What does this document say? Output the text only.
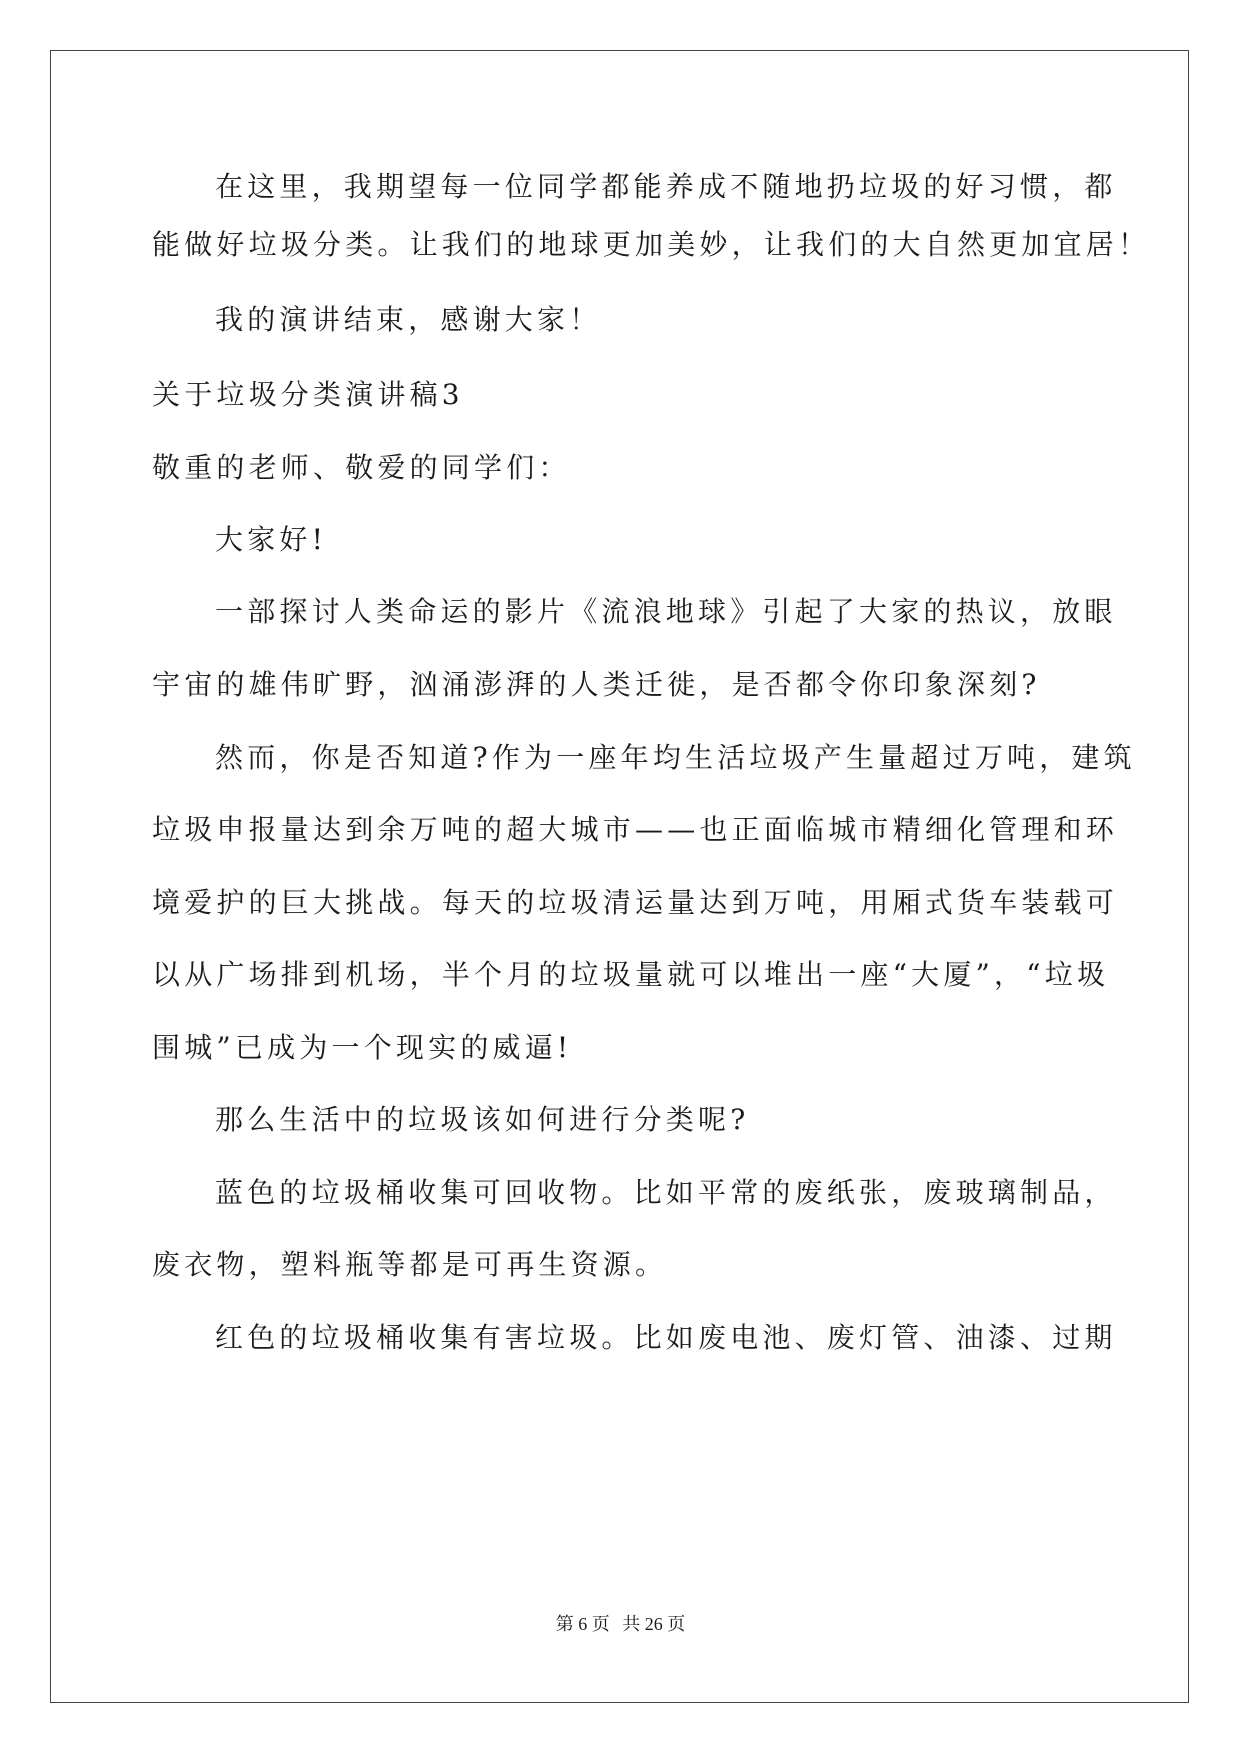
在这里，我期望每一位同学都能养成不随地扔垃圾的好习惯，都
能做好垃圾分类。让我们的地球更加美妙，让我们的大自然更加宜居！
我的演讲结束，感谢大家！
关于垃圾分类演讲稿3
敬重的老师、敬爱的同学们：
大家好!
一部探讨人类命运的影片《流浪地球》引起了大家的热议，放眼
宇宙的雄伟旷野，汹涌澎湃的人类迁徙，是否都令你印象深刻?
然而，你是否知道?作为一座年均生活垃圾产生量超过万吨，建筑
垃圾申报量达到余万吨的超大城市——也正面临城市精细化管理和环
境爱护的巨大挑战。每天的垃圾清运量达到万吨，用厢式货车装载可
以从广场排到机场，半个月的垃圾量就可以堆出一座“大厦”，“垃圾
围城”已成为一个现实的威逼!
那么生活中的垃圾该如何进行分类呢?
蓝色的垃圾桶收集可回收物。比如平常的废纸张，废玻璃制品，
废衣物，塑料瓶等都是可再生资源。
红色的垃圾桶收集有害垃圾。比如废电池、废灯管、油漆、过期
第 6 页 共 26 页
